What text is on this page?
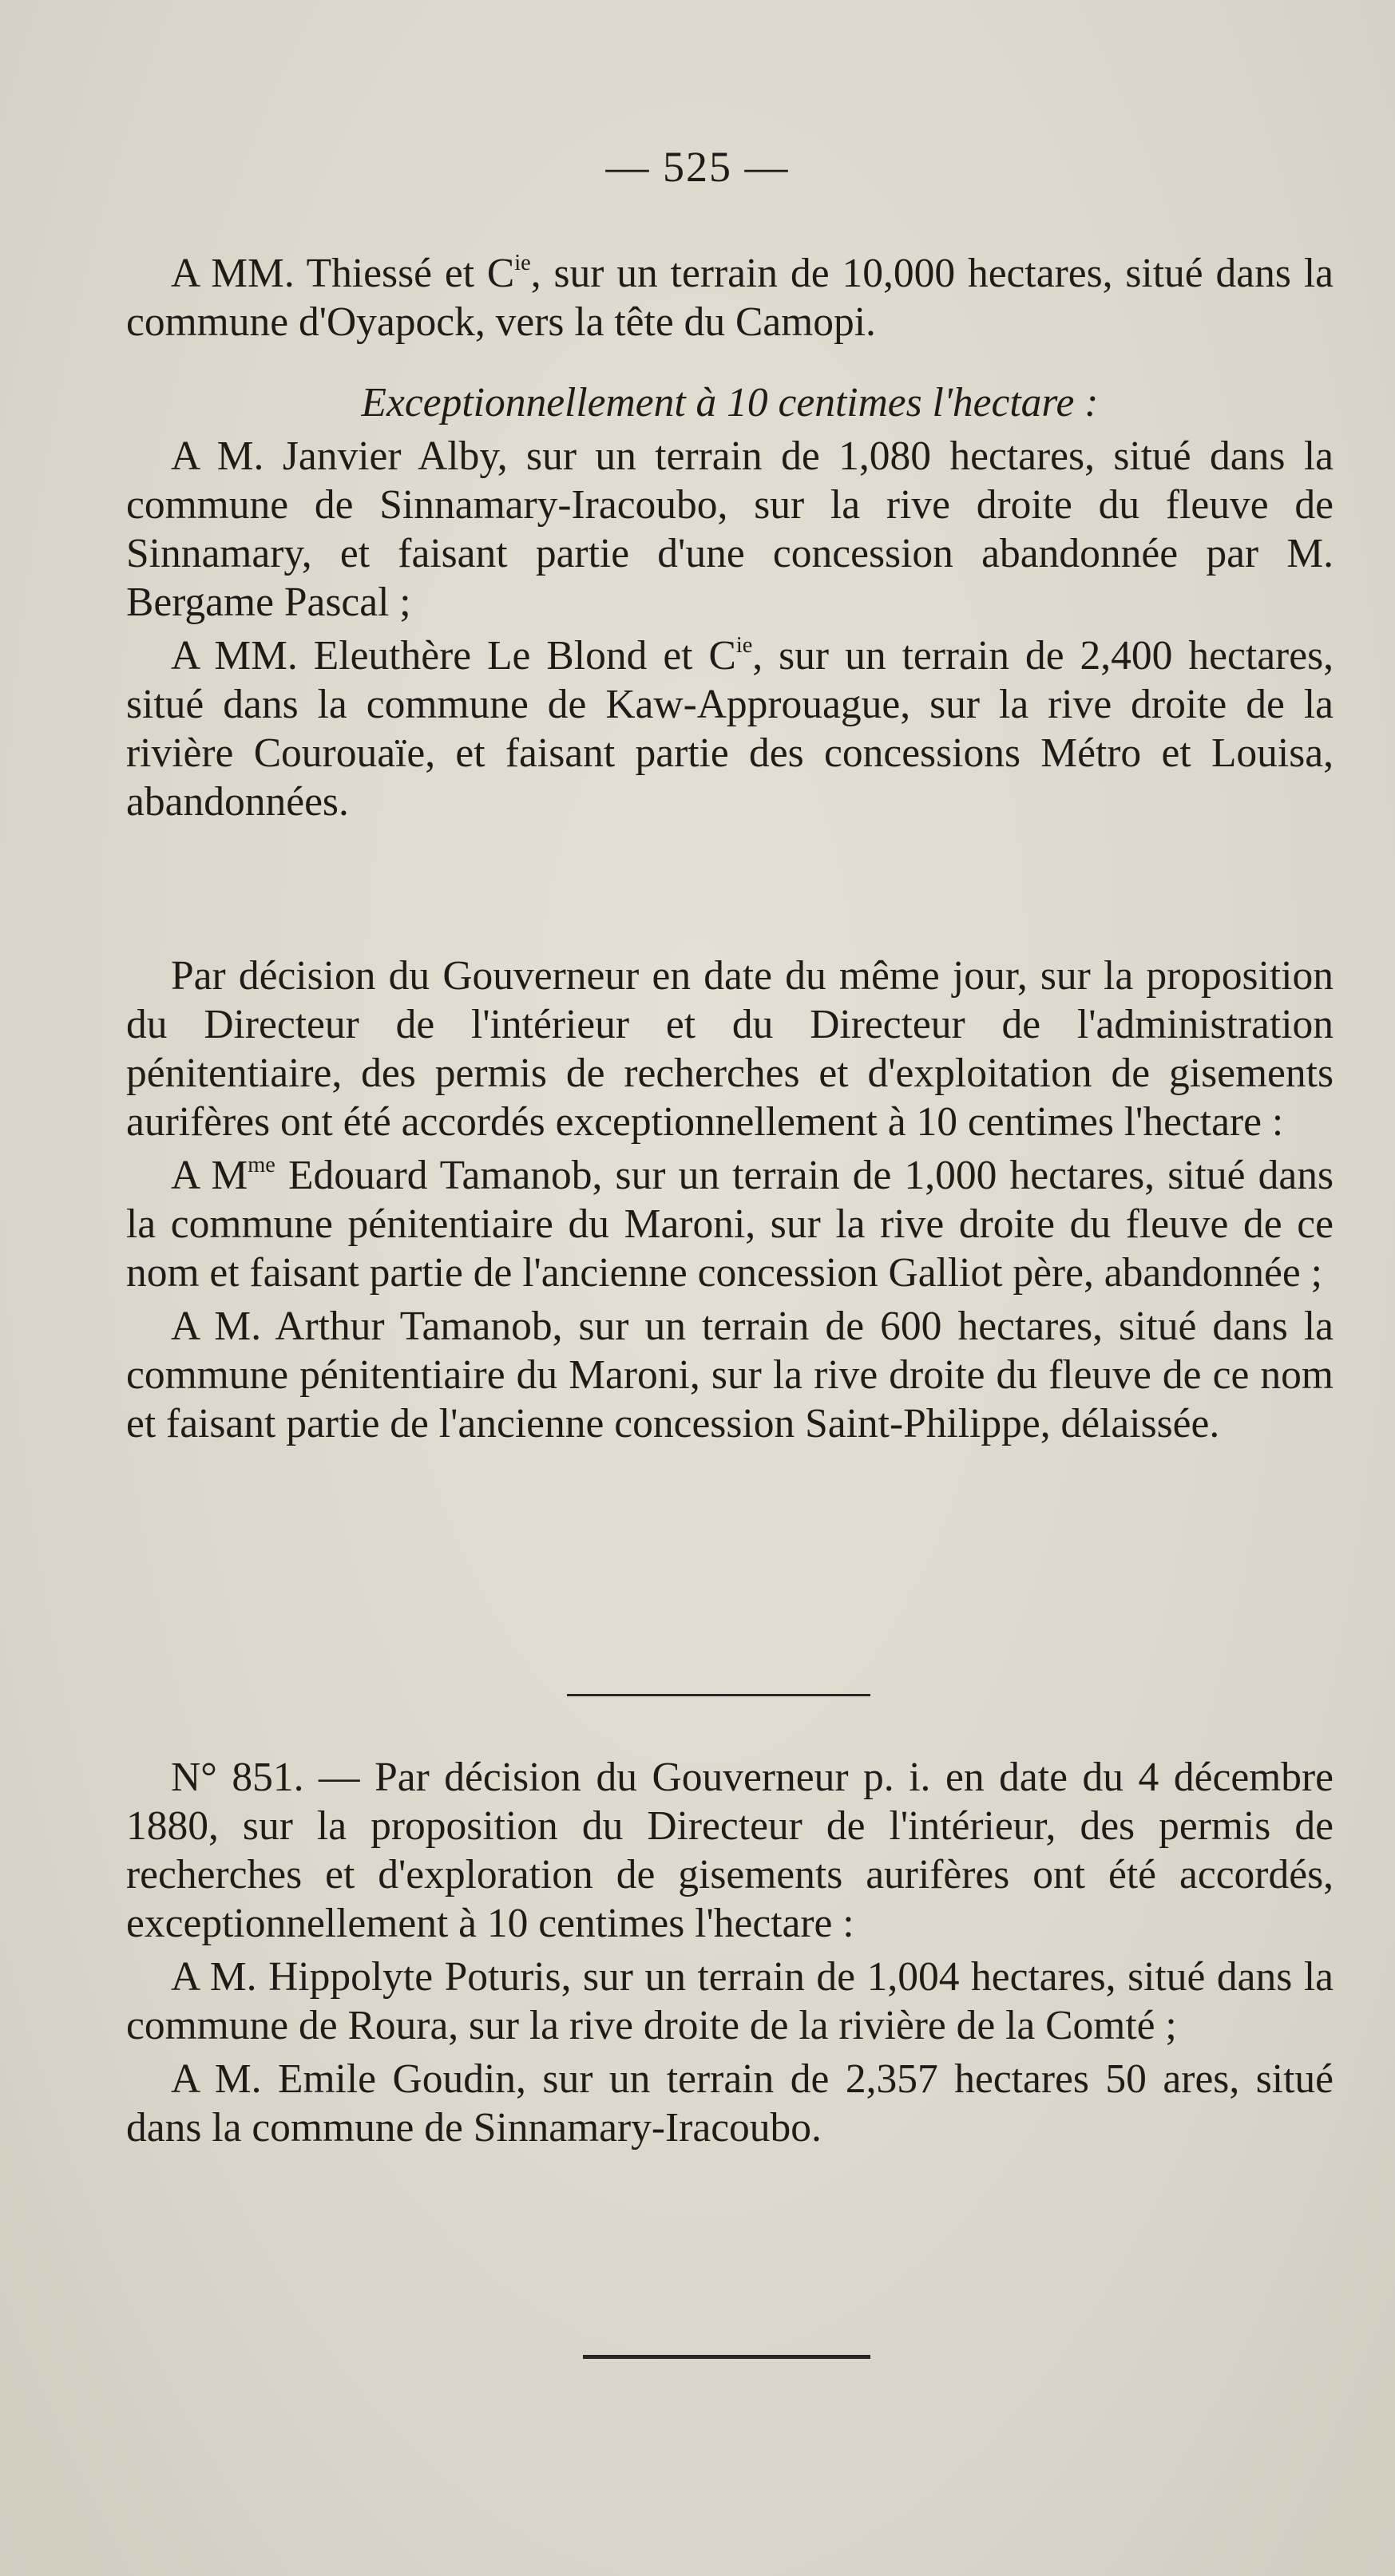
— 525 —

A MM. Thiessé et $C^{ie}$, sur un terrain de 10,000 hectares, situé dans la commune d'Oyapock, vers la tête du Camopi.

Exceptionnellement à 10 centimes l'hectare :

A M. Janvier Alby, sur un terrain de 1,080 hectares, situé dans la commune de Sinnamary-Iracoubo, sur la rive droite du fleuve de Sinnamary, et faisant partie d'une concession abandonnée par M. Bergame Pascal ;

A MM. Eleuthère Le Blond et $C^{ie}$, sur un terrain de 2,400 hectares, situé dans la commune de Kaw-Approuague, sur la rive droite de la rivière Courouaïe, et faisant partie des concessions Métro et Louisa, abandonnées.

Par décision du Gouverneur en date du même jour, sur la proposition du Directeur de l'intérieur et du Directeur de l'administration pénitentiaire, des permis de recherches et d'exploitation de gisements aurifères ont été accordés exceptionnellement à 10 centimes l'hectare :

A $M^{me}$ Edouard Tamanob, sur un terrain de 1,000 hectares, situé dans la commune pénitentiaire du Maroni, sur la rive droite du fleuve de ce nom et faisant partie de l'ancienne concession Galliot père, abandonnée ;

A M. Arthur Tamanob, sur un terrain de 600 hectares, situé dans la commune pénitentiaire du Maroni, sur la rive droite du fleuve de ce nom et faisant partie de l'ancienne concession Saint-Philippe, délaissée.

N° 851. — Par décision du Gouverneur p. i. en date du 4 décembre 1880, sur la proposition du Directeur de l'intérieur, des permis de recherches et d'exploration de gisements aurifères ont été accordés, exceptionnellement à 10 centimes l'hectare :

A M. Hippolyte Poturis, sur un terrain de 1,004 hectares, situé dans la commune de Roura, sur la rive droite de la rivière de la Comté ;

A M. Emile Goudin, sur un terrain de 2,357 hectares 50 ares, situé dans la commune de Sinnamary-Iracoubo.
